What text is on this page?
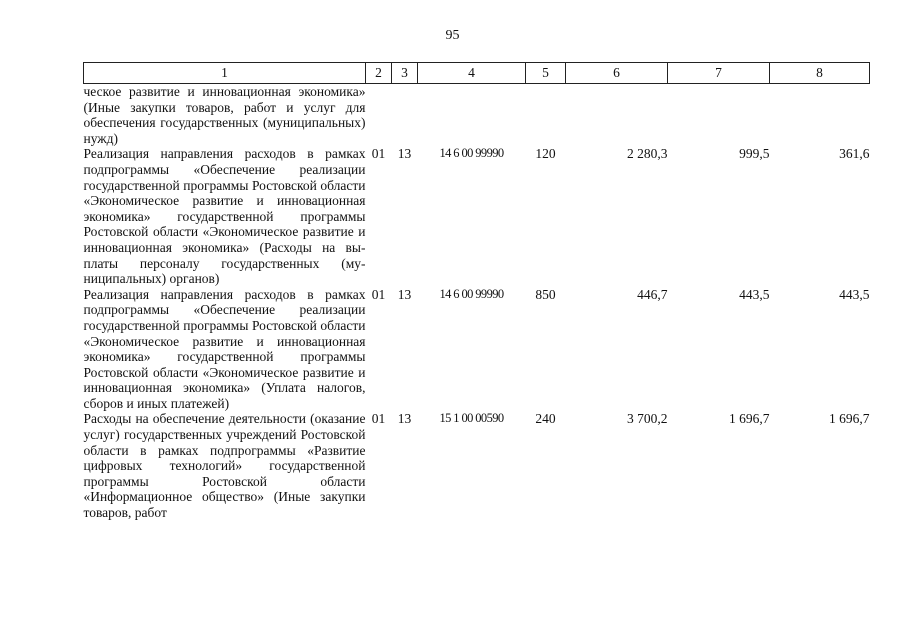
95
1	2	3	4	5	6	7	8
ческое развитие и инновационная экономика» (Иные закупки товаров, работ и услуг для обеспечения государственных (муниципальных) нужд)							
Реализация направления расходов в рамках подпрограммы «Обеспечение реализации государственной программы Ростовской области «Экономическое развитие и инновационная экономика» государственной программы Ростовской области «Экономическое развитие и инновационная экономика» (Расходы на выплаты персоналу государственных (муниципальных) органов)	01	13	14 6 00 99990	120	2 280,3	999,5	361,6
Реализация направления расходов в рамках подпрограммы «Обеспечение реализации государственной программы Ростовской области «Экономическое развитие и инновационная экономика» государственной программы Ростовской области «Экономическое развитие и инновационная экономика» (Уплата налогов, сборов и иных платежей)	01	13	14 6 00 99990	850	446,7	443,5	443,5
Расходы на обеспечение деятельности (оказание услуг) государственных учреждений Ростовской области в рамках подпрограммы «Развитие цифровых технологий» государственной программы Ростовской области «Информационное общество» (Иные закупки товаров, работ	01	13	15 1 00 00590	240	3 700,2	1 696,7	1 696,7
